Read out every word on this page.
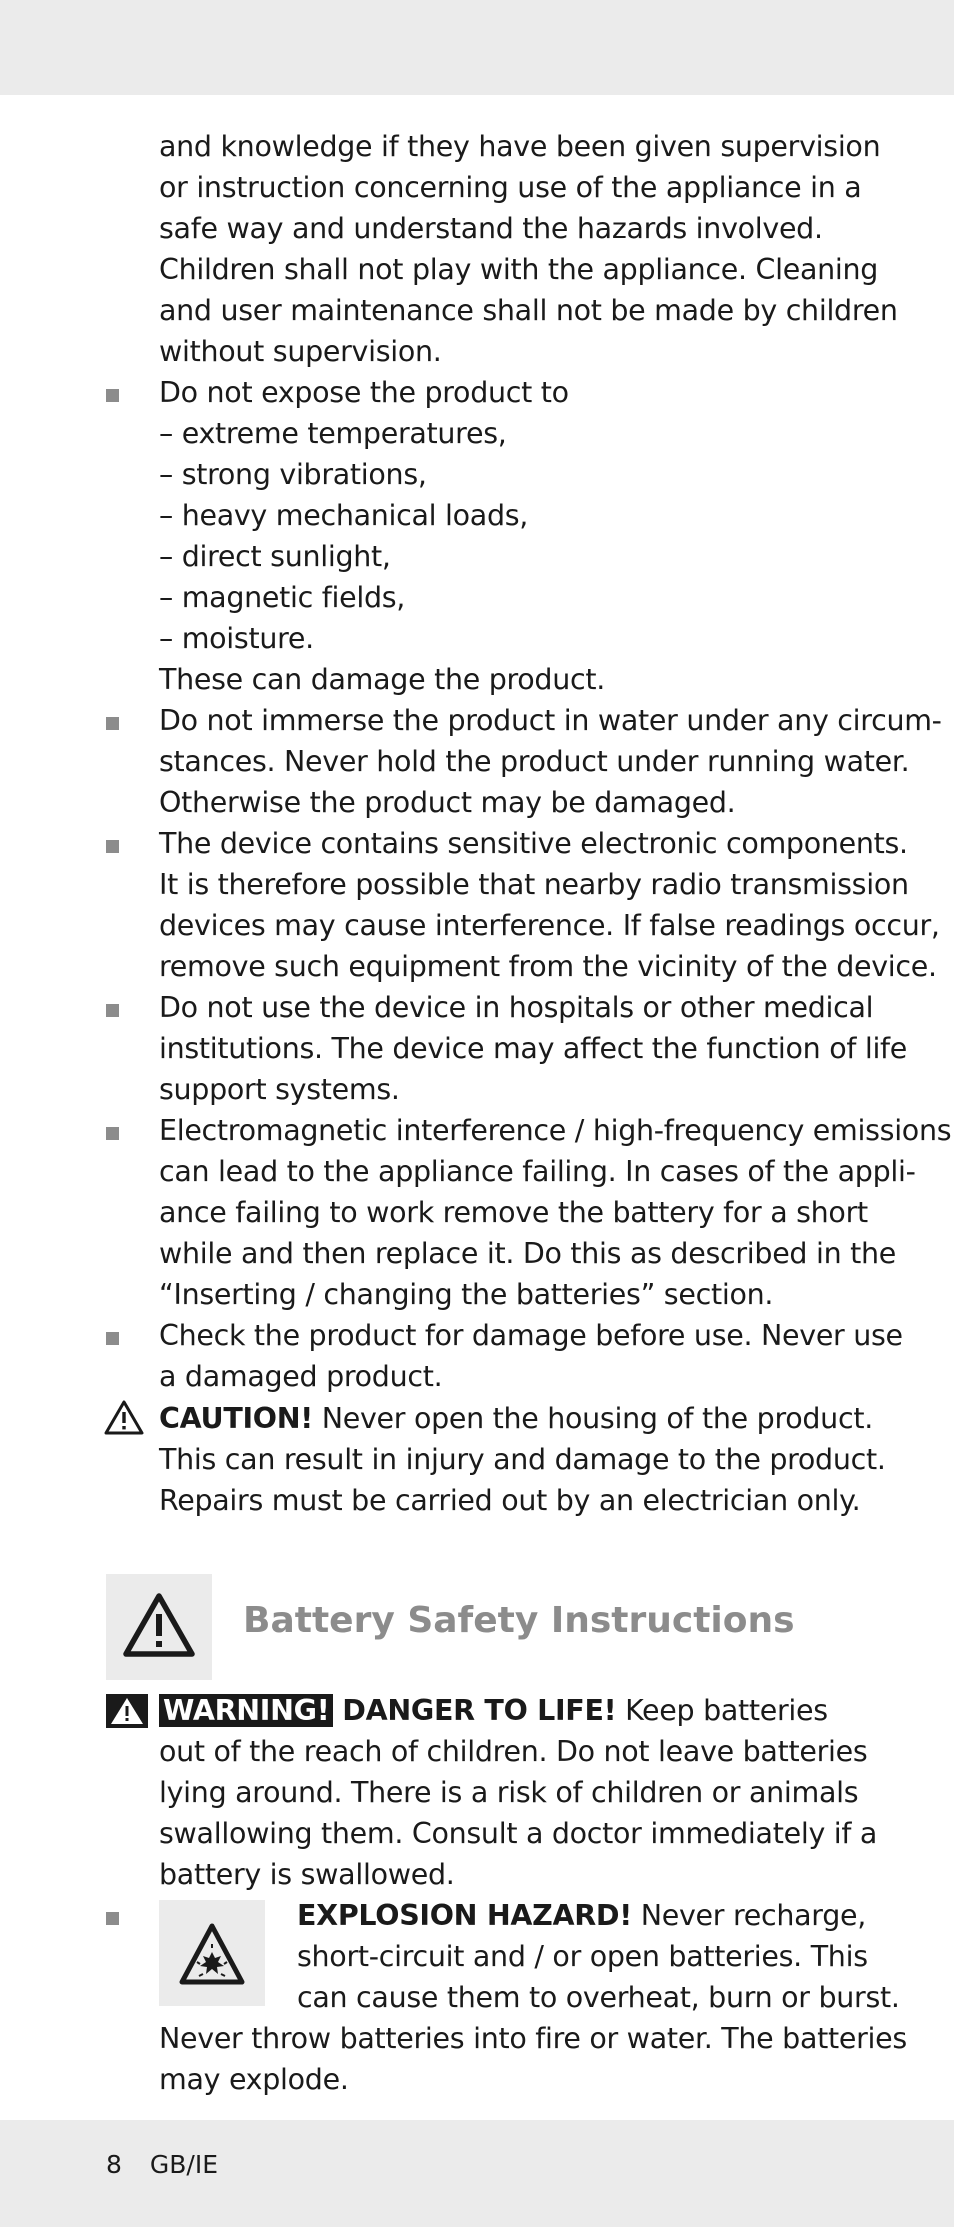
and knowledge if they have been given supervision
or instruction concerning use of the appliance in a
safe way and understand the hazards involved.
Children shall not play with the appliance. Cleaning
and user maintenance shall not be made by children
without supervision.
Do not expose the product to
– extreme temperatures,
– strong vibrations,
– heavy mechanical loads,
– direct sunlight,
– magnetic fields,
– moisture.
These can damage the product.
Do not immerse the product in water under any circum-
stances. Never hold the product under running water.
Otherwise the product may be damaged.
The device contains sensitive electronic components.
It is therefore possible that nearby radio transmission
devices may cause interference. If false readings occur,
remove such equipment from the vicinity of the device.
Do not use the device in hospitals or other medical
institutions. The device may affect the function of life
support systems.
Electromagnetic interference / high-frequency emissions
can lead to the appliance failing. In cases of the appli-
ance failing to work remove the battery for a short
while and then replace it. Do this as described in the
“Inserting / changing the batteries” section.
Check the product for damage before use. Never use
a damaged product.
CAUTION! Never open the housing of the product.
This can result in injury and damage to the product.
Repairs must be carried out by an electrician only.
Battery Safety Instructions
WARNING! DANGER TO LIFE! Keep batteries
out of the reach of children. Do not leave batteries
lying around. There is a risk of children or animals
swallowing them. Consult a doctor immediately if a
battery is swallowed.
EXPLOSION HAZARD! Never recharge,
short-circuit and / or open batteries. This
can cause them to overheat, burn or burst.
Never throw batteries into fire or water. The batteries
may explode.
8 GB/IE
